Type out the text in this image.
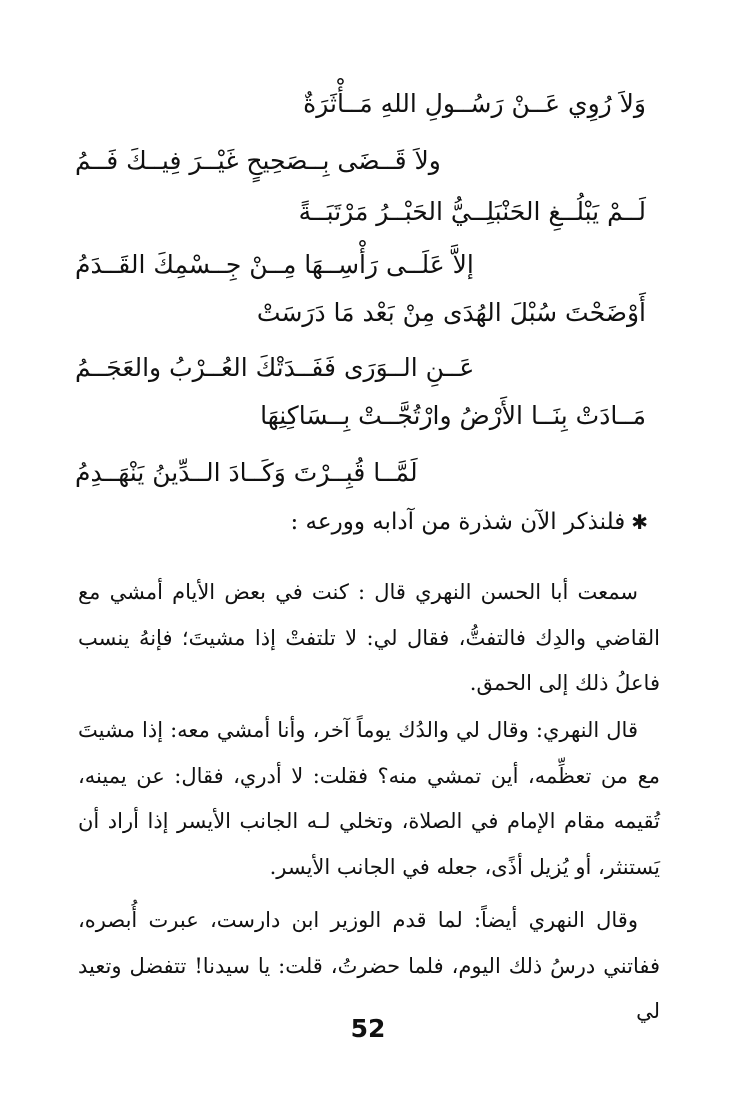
وَلاَ رُوِي عَــنْ رَسُــولِ اللهِ مَــأْثَرَةٌ
ولاَ قَــضَى بِــصَحِيحٍ غَيْــرَ فِيــكَ فَــمُ
لَــمْ يَبْلُــغِ الحَنْبَلِــيُّ الحَبْــرُ مَرْتَبَــةً
إلاَّ عَلَــى رَأْسِــهَا مِــنْ جِــسْمِكَ القَــدَمُ
أَوْضَحْتَ سُبْلَ الهُدَى مِنْ بَعْد مَا دَرَسَتْ
عَــنِ الــوَرَى فَفَــدَتْكَ العُــرْبُ والعَجَــمُ
مَــادَتْ بِنَــا الأَرْضُ وارْتُجَّــتْ بِــسَاكِنِهَا
لَمَّــا قُبِــرْتَ وَكَــادَ الــدِّينُ يَنْهَــدِمُ
✱فلنذكر الآن شذرة من آدابه وورعه :
سمعت أبا الحسن النهري قال : كنت في بعض الأيام أمشي مع القاضي والدِك فالتفتُّ، فقال لي: لا تلتفتْ إذا مشيتَ؛ فإنهُ ينسب فاعلُ ذلك إلى الحمق.
قال النهري: وقال لي والدُك يوماً آخر، وأنا أمشي معه: إذا مشيتَ مع من تعظِّمه، أين تمشي منه؟ فقلت: لا أدري، فقال: عن يمينه، تُقيمه مقام الإمام في الصلاة، وتخلي لـه الجانب الأيسر إذا أراد أن يَستنثر، أو يُزيل أذًى، جعله في الجانب الأيسر.
وقال النهري أيضاً: لما قدم الوزير ابن دارست، عبرت أُبصره، ففاتني درسُ ذلك اليوم، فلما حضرتُ، قلت: يا سيدنا! تتفضل وتعيد لي
52
